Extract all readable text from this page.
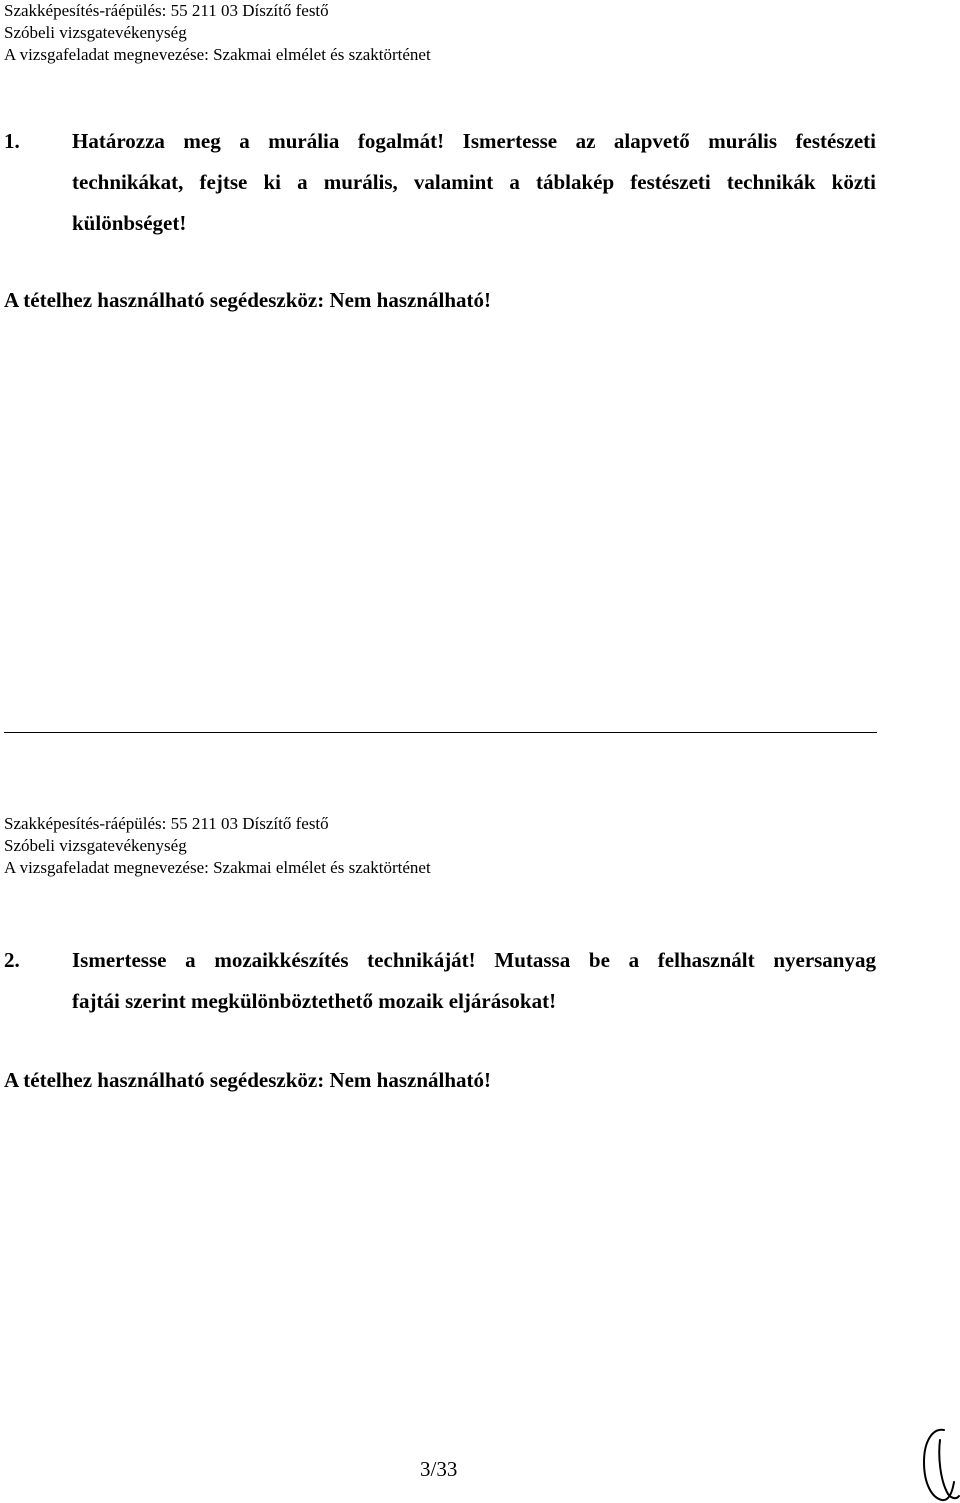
Szakképesítés-ráépülés: 55 211 03 Díszítő festő
Szóbeli vizsgatevékenység
A vizsgafeladat megnevezése: Szakmai elmélet és szaktörténet
1. Határozza meg a murália fogalmát! Ismertesse az alapvető murális festészeti
technikákat, fejtse ki a murális, valamint a táblakép festészeti technikák közti
különbséget!
A tételhez használható segédeszköz: Nem használható!
Szakképesítés-ráépülés: 55 211 03 Díszítő festő
Szóbeli vizsgatevékenység
A vizsgafeladat megnevezése: Szakmai elmélet és szaktörténet
2. Ismertesse a mozaikkészítés technikáját! Mutassa be a felhasznált nyersanyag
fajtái szerint megkülönböztethető mozaik eljárásokat!
A tételhez használható segédeszköz: Nem használható!
3/33
